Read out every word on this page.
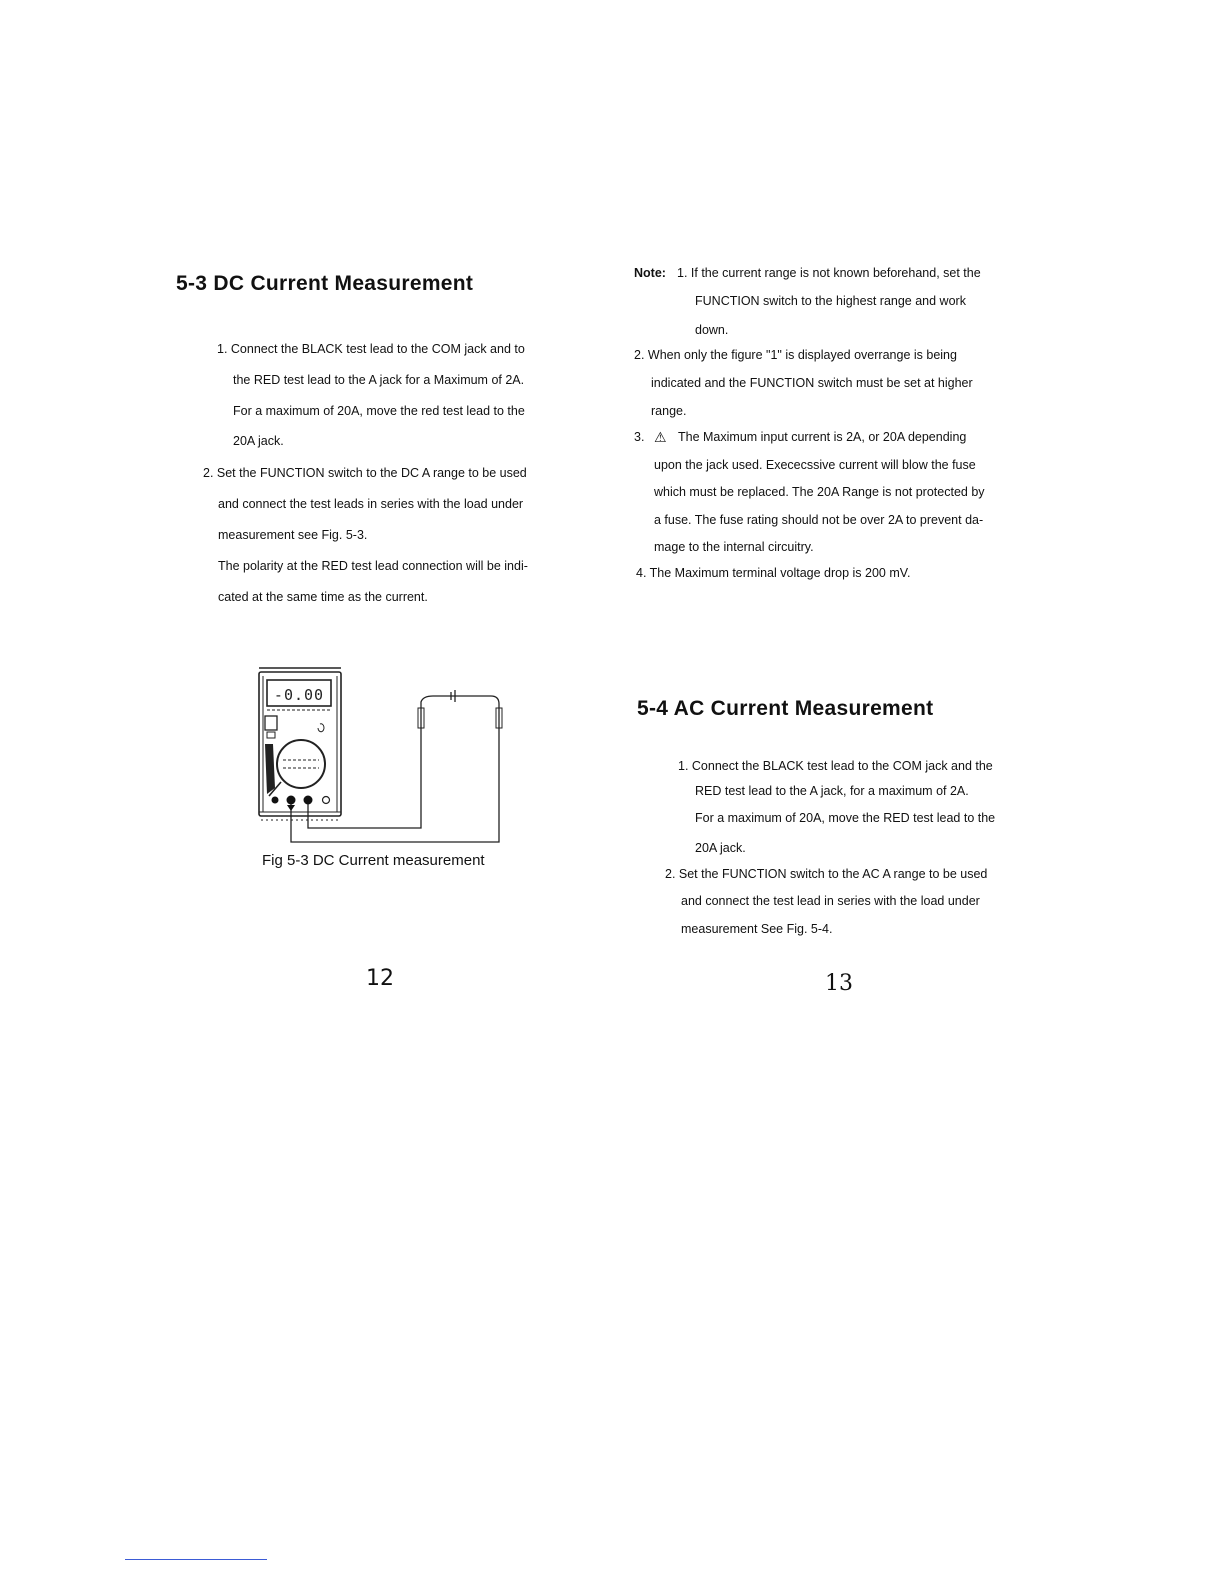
5-3 DC Current Measurement
1. Connect the BLACK test lead to the COM jack and to
the RED test lead to the A jack for a Maximum of 2A.
For a maximum of 20A, move the red test lead to the
20A jack.
2. Set the FUNCTION switch to the DC A range to be used
and connect the test leads in series with the load under
measurement see Fig. 5-3.
The polarity at the RED test lead connection will be indi-
cated at the same time as the current.
-0.00
Fig 5-3 DC Current measurement
12
Note: 1. If the current range is not known beforehand, set the
FUNCTION switch to the highest range and work
down.
2. When only the figure "1" is displayed overrange is being
indicated and the FUNCTION switch must be set at higher
range.
3. ⚠ The Maximum input current is 2A, or 20A depending
upon the jack used. Exececssive current will blow the fuse
which must be replaced. The 20A Range is not protected by
a fuse. The fuse rating should not be over 2A to prevent da-
mage to the internal circuitry.
4. The Maximum terminal voltage drop is 200 mV.
5-4 AC Current Measurement
1. Connect the BLACK test lead to the COM jack and the
RED test lead to the A jack, for a maximum of 2A.
For a maximum of 20A, move the RED test lead to the
20A jack.
2. Set the FUNCTION switch to the AC A range to be used
and connect the test lead in series with the load under
measurement See Fig. 5-4.
13
